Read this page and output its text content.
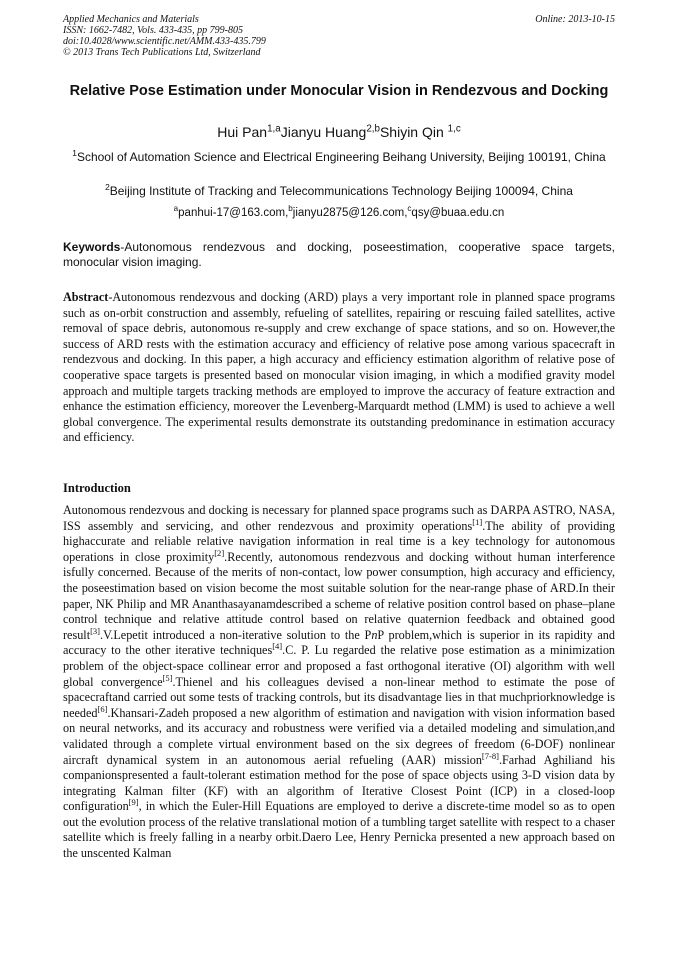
Applied Mechanics and Materials
ISSN: 1662-7482, Vols. 433-435, pp 799-805
doi:10.4028/www.scientific.net/AMM.433-435.799
© 2013 Trans Tech Publications Ltd, Switzerland
Online: 2013-10-15
Relative Pose Estimation under Monocular Vision in Rendezvous and Docking
Hui Pan$^{1,a}$Jianyu Huang$^{2,b}$Shiyin Qin $^{1,c}$
$^1$School of Automation Science and Electrical Engineering Beihang University, Beijing 100191, China
$^2$Beijing Institute of Tracking and Telecommunications Technology Beijing 100094, China
$^a$panhui-17@163.com,$^b$jianyu2875@126.com,$^c$qsy@buaa.edu.cn
Keywords-Autonomous rendezvous and docking, poseestimation, cooperative space targets, monocular vision imaging.
Abstract-Autonomous rendezvous and docking (ARD) plays a very important role in planned space programs such as on-orbit construction and assembly, refueling of satellites, repairing or rescuing failed satellites, active removal of space debris, autonomous re-supply and crew exchange of space stations, and so on. However,the success of ARD rests with the estimation accuracy and efficiency of relative pose among various spacecraft in rendezvous and docking. In this paper, a high accuracy and efficiency estimation algorithm of relative pose of cooperative space targets is presented based on monocular vision imaging, in which a modified gravity model approach and multiple targets tracking methods are employed to improve the accuracy of feature extraction and enhance the estimation efficiency, moreover the Levenberg-Marquardt method (LMM) is used to achieve a well global convergence. The experimental results demonstrate its outstanding predominance in estimation accuracy and efficiency.
Introduction
Autonomous rendezvous and docking is necessary for planned space programs such as DARPA ASTRO, NASA, ISS assembly and servicing, and other rendezvous and proximity operations[1].The ability of providing highaccurate and reliable relative navigation information in real time is a key technology for autonomous operations in close proximity[2].Recently, autonomous rendezvous and docking without human interference isfully concerned. Because of the merits of non-contact, low power consumption, high accuracy and efficiency, the poseestimation based on vision become the most suitable solution for the near-range phase of ARD.In their paper, NK Philip and MR Ananthasayanamdescribed a scheme of relative position control based on phase–plane control technique and relative attitude control based on relative quaternion feedback and obtained good result[3].V.Lepetit introduced a non-iterative solution to the PnP problem,which is superior in its rapidity and accuracy to the other iterative techniques[4].C. P. Lu regarded the relative pose estimation as a minimization problem of the object-space collinear error and proposed a fast orthogonal iterative (OI) algorithm with well global convergence[5].Thienel and his colleagues devised a non-linear method to estimate the pose of spacecraftand carried out some tests of tracking controls, but its disadvantage lies in that muchpriorknowledge is needed[6].Khansari-Zadeh proposed a new algorithm of estimation and navigation with vision information based on neural networks, and its accuracy and robustness were verified via a detailed modeling and simulation,and validated through a complete virtual environment based on the six degrees of freedom (6-DOF) nonlinear aircraft dynamical system in an autonomous aerial refueling (AAR) mission[7-8].Farhad Aghiliand his companionspresented a fault-tolerant estimation method for the pose of space objects using 3-D vision data by integrating Kalman filter (KF) with an algorithm of Iterative Closest Point (ICP) in a closed-loop configuration[9], in which the Euler-Hill Equations are employed to derive a discrete-time model so as to open out the evolution process of the relative translational motion of a tumbling target satellite with respect to a chaser satellite which is freely falling in a nearby orbit.Daero Lee, Henry Pernicka presented a new approach based on the unscented Kalman
